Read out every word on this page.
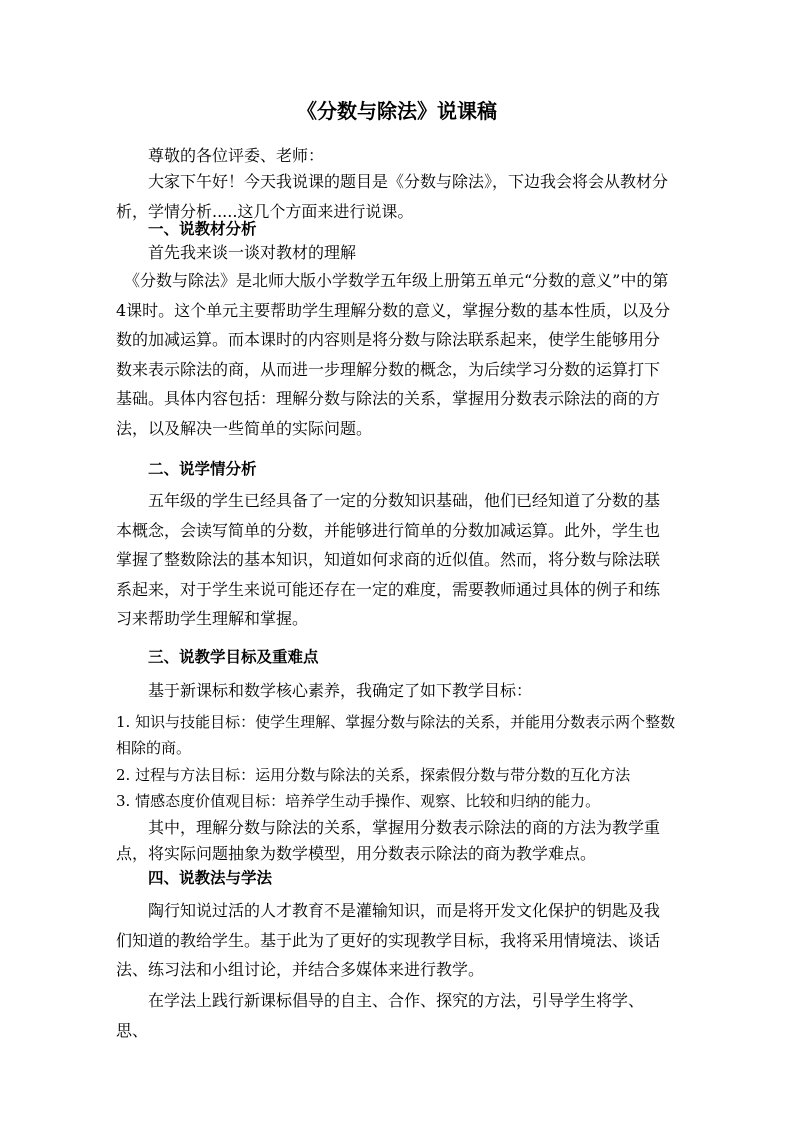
《分数与除法》说课稿

尊敬的各位评委、老师：

大家下午好！今天我说课的题目是《分数与除法》，下边我会将会从教材分析，学情分析.....这几个方面来进行说课。

一、说教材分析

首先我来谈一谈对教材的理解

《分数与除法》是北师大版小学数学五年级上册第五单元“分数的意义”中的第4课时。这个单元主要帮助学生理解分数的意义，掌握分数的基本性质，以及分数的加减运算。而本课时的内容则是将分数与除法联系起来，使学生能够用分数来表示除法的商，从而进一步理解分数的概念，为后续学习分数的运算打下基础。具体内容包括：理解分数与除法的关系，掌握用分数表示除法的商的方法，以及解决一些简单的实际问题。

二、说学情分析

五年级的学生已经具备了一定的分数知识基础，他们已经知道了分数的基本概念，会读写简单的分数，并能够进行简单的分数加减运算。此外，学生也掌握了整数除法的基本知识，知道如何求商的近似值。然而，将分数与除法联系起来，对于学生来说可能还存在一定的难度，需要教师通过具体的例子和练习来帮助学生理解和掌握。

三、说教学目标及重难点

基于新课标和数学核心素养，我确定了如下教学目标：

1. 知识与技能目标：使学生理解、掌握分数与除法的关系，并能用分数表示两个整数相除的商。

2. 过程与方法目标：运用分数与除法的关系，探索假分数与带分数的互化方法

3. 情感态度价值观目标：培养学生动手操作、观察、比较和归纳的能力。

其中，理解分数与除法的关系，掌握用分数表示除法的商的方法为教学重点，将实际问题抽象为数学模型，用分数表示除法的商为教学难点。

四、说教法与学法

陶行知说过活的人才教育不是灌输知识，而是将开发文化保护的钥匙及我们知道的教给学生。基于此为了更好的实现教学目标，我将采用情境法、谈话法、练习法和小组讨论，并结合多媒体来进行教学。

在学法上践行新课标倡导的自主、合作、探究的方法，引导学生将学、思、
